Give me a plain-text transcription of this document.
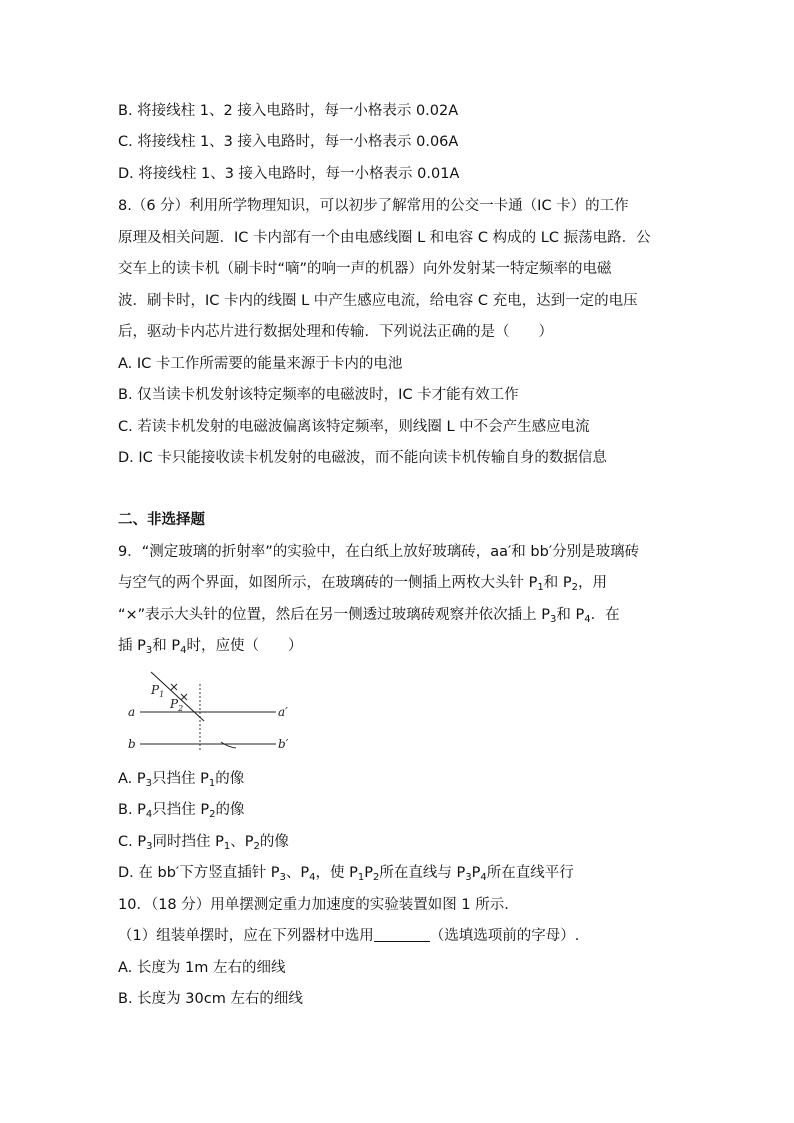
B. 将接线柱 1、2 接入电路时，每一小格表示 0.02A
C. 将接线柱 1、3 接入电路时，每一小格表示 0.06A
D. 将接线柱 1、3 接入电路时，每一小格表示 0.01A
8.（6 分）利用所学物理知识，可以初步了解常用的公交一卡通（IC 卡）的工作
原理及相关问题．IC 卡内部有一个由电感线圈 L 和电容 C 构成的 LC 振荡电路．公
交车上的读卡机（刷卡时“嘀”的响一声的机器）向外发射某一特定频率的电磁
波．刷卡时，IC 卡内的线圈 L 中产生感应电流，给电容 C 充电，达到一定的电压
后，驱动卡内芯片进行数据处理和传输．下列说法正确的是（　　）
A. IC 卡工作所需要的能量来源于卡内的电池
B. 仅当读卡机发射该特定频率的电磁波时，IC 卡才能有效工作
C. 若读卡机发射的电磁波偏离该特定频率，则线圈 L 中不会产生感应电流
D. IC 卡只能接收读卡机发射的电磁波，而不能向读卡机传输自身的数据信息
二、非选择题
9．“测定玻璃的折射率”的实验中，在白纸上放好玻璃砖，aa′和 bb′分别是玻璃砖
与空气的两个界面，如图所示，在玻璃砖的一侧插上两枚大头针 $P_1$和 $P_2$，用
“×”表示大头针的位置，然后在另一侧透过玻璃砖观察并依次插上 $P_3$和 $P_4$．在
插 $P_3$和 $P_4$时，应使（　　）
$P_1$
$P_2$
a	a′
b	b′
A. $P_3$只挡住 $P_1$的像
B. $P_4$只挡住 $P_2$的像
C. $P_3$同时挡住 $P_1$、$P_2$的像
D. 在 bb′下方竖直插针 $P_3$、$P_4$，使 $P_1P_2$所在直线与 $P_3P_4$所在直线平行
10．（18 分）用单摆测定重力加速度的实验装置如图 1 所示.
（1）组装单摆时，应在下列器材中选用	（选填选项前的字母）.
A. 长度为 1m 左右的细线
B. 长度为 30cm 左右的细线
